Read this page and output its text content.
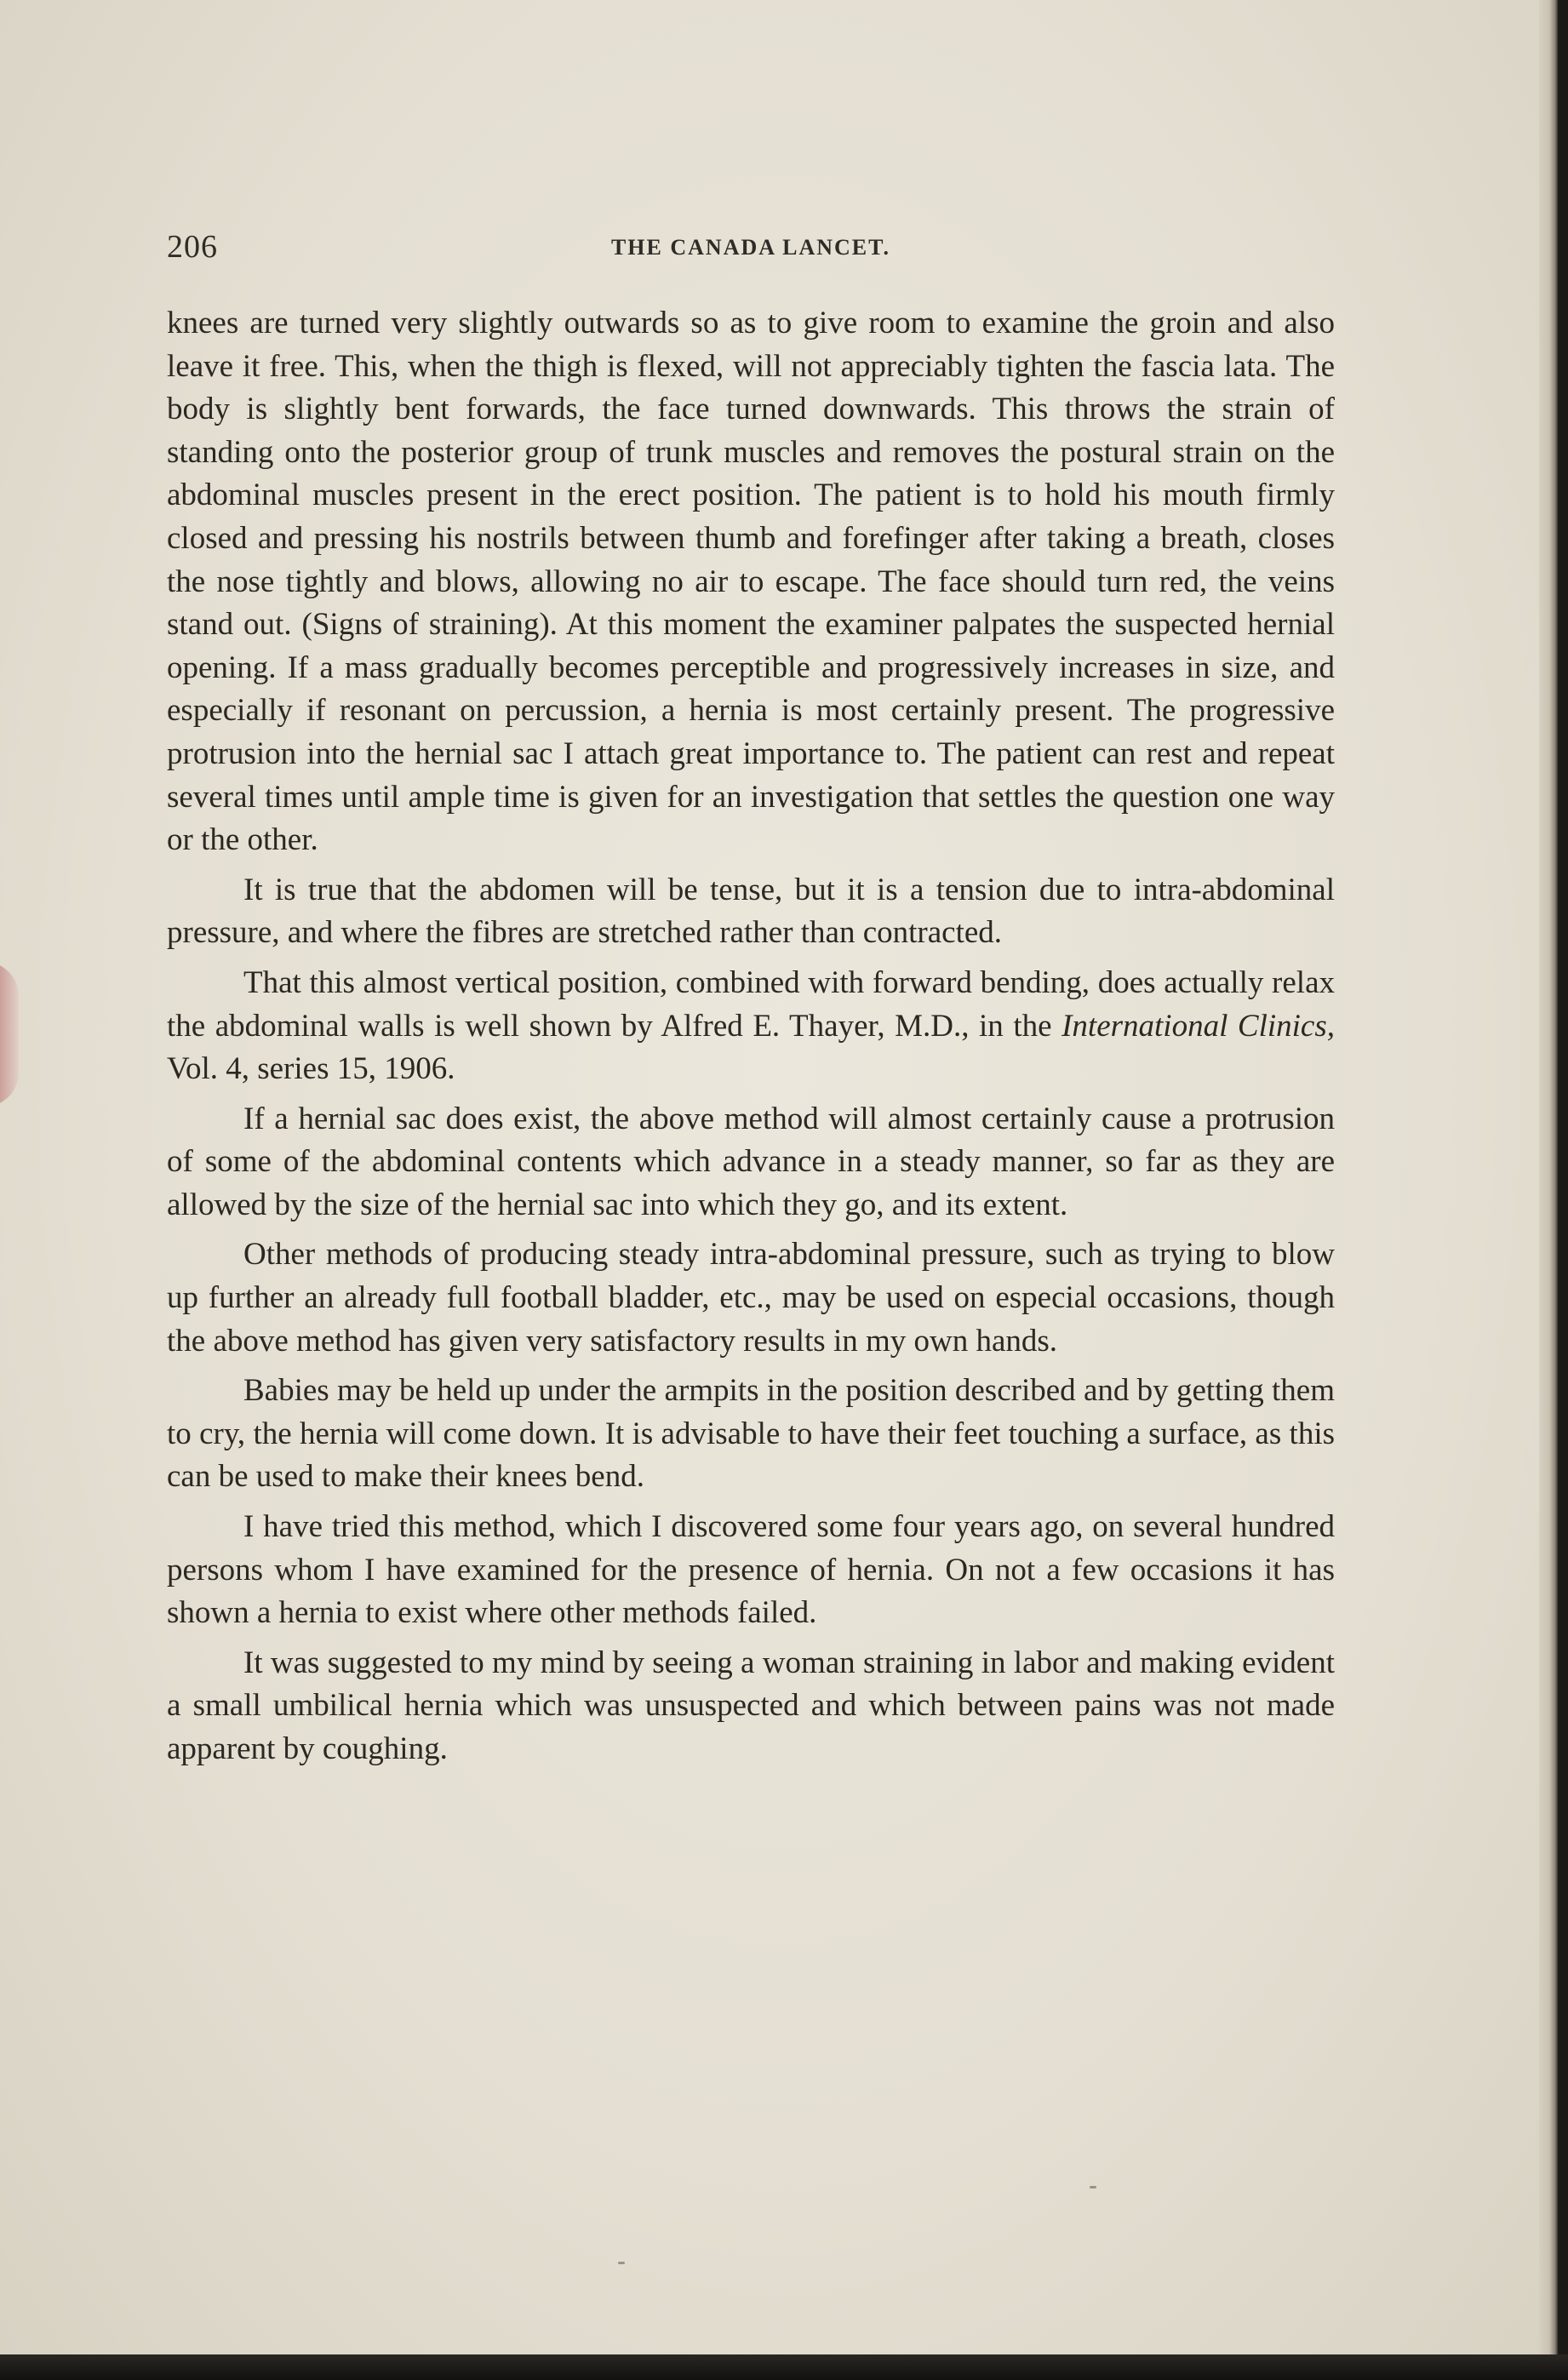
206	THE CANADA LANCET.

knees are turned very slightly outwards so as to give room to examine the groin and also leave it free. This, when the thigh is flexed, will not appreciably tighten the fascia lata. The body is slightly bent forwards, the face turned downwards. This throws the strain of standing onto the posterior group of trunk muscles and removes the postural strain on the abdominal muscles present in the erect position. The patient is to hold his mouth firmly closed and pressing his nostrils between thumb and forefinger after taking a breath, closes the nose tightly and blows, allowing no air to escape. The face should turn red, the veins stand out. (Signs of straining). At this moment the examiner palpates the suspected hernial opening. If a mass gradually becomes perceptible and progressively increases in size, and especially if resonant on percussion, a hernia is most certainly present. The progressive protrusion into the hernial sac I attach great importance to. The patient can rest and repeat several times until ample time is given for an investigation that settles the question one way or the other.

It is true that the abdomen will be tense, but it is a tension due to intra-abdominal pressure, and where the fibres are stretched rather than contracted.

That this almost vertical position, combined with forward bending, does actually relax the abdominal walls is well shown by Alfred E. Thayer, M.D., in the International Clinics, Vol. 4, series 15, 1906.

If a hernial sac does exist, the above method will almost certainly cause a protrusion of some of the abdominal contents which advance in a steady manner, so far as they are allowed by the size of the hernial sac into which they go, and its extent.

Other methods of producing steady intra-abdominal pressure, such as trying to blow up further an already full football bladder, etc., may be used on especial occasions, though the above method has given very satisfactory results in my own hands.

Babies may be held up under the armpits in the position described and by getting them to cry, the hernia will come down. It is advisable to have their feet touching a surface, as this can be used to make their knees bend.

I have tried this method, which I discovered some four years ago, on several hundred persons whom I have examined for the presence of hernia. On not a few occasions it has shown a hernia to exist where other methods failed.

It was suggested to my mind by seeing a woman straining in labor and making evident a small umbilical hernia which was unsuspected and which between pains was not made apparent by coughing.
